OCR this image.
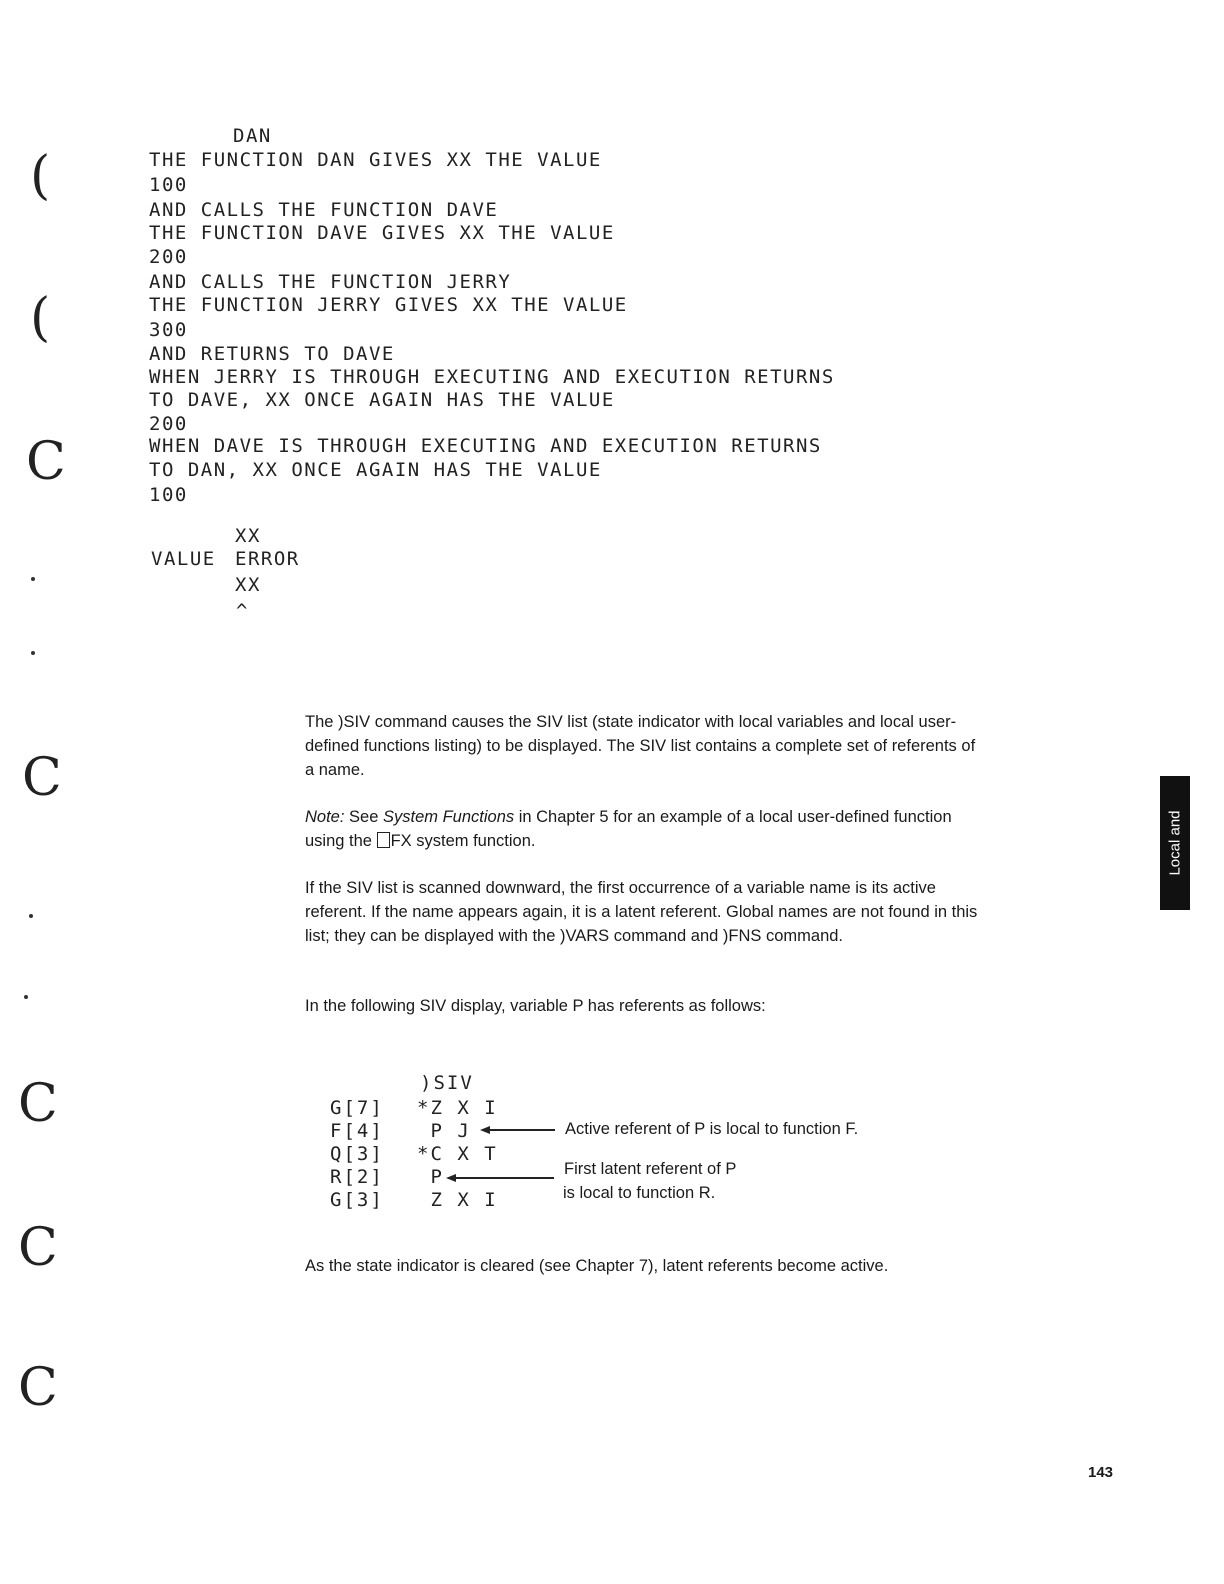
(
(
C
C
C
C
C
DAN
THE FUNCTION DAN GIVES XX THE VALUE
100
AND CALLS THE FUNCTION DAVE
THE FUNCTION DAVE GIVES XX THE VALUE
200
AND CALLS THE FUNCTION JERRY
THE FUNCTION JERRY GIVES XX THE VALUE
300
AND RETURNS TO DAVE
WHEN JERRY IS THROUGH EXECUTING AND EXECUTION RETURNS
TO DAVE, XX ONCE AGAIN HAS THE VALUE
200
WHEN DAVE IS THROUGH EXECUTING AND EXECUTION RETURNS
TO DAN, XX ONCE AGAIN HAS THE VALUE
100
XX
VALUE ERROR
XX
^

The )SIV command causes the SIV list (state indicator with local variables and local user-defined functions listing) to be displayed. The SIV list contains a complete set of referents of a name.

Note: See System Functions in Chapter 5 for an example of a local user-defined function using the FX system function.

If the SIV list is scanned downward, the first occurrence of a variable name is its active referent. If the name appears again, it is a latent referent. Global names are not found in this list; they can be displayed with the )VARS command and )FNS command.

In the following SIV display, variable P has referents as follows:

)SIV
G[7] *Z X I
F[4] P J
Q[3] *C X T
R[2] P
G[3] Z X I
Active referent of P is local to function F.
First latent referent of P
is local to function R.

As the state indicator is cleared (see Chapter 7), latent referents become active.

Local and
143
